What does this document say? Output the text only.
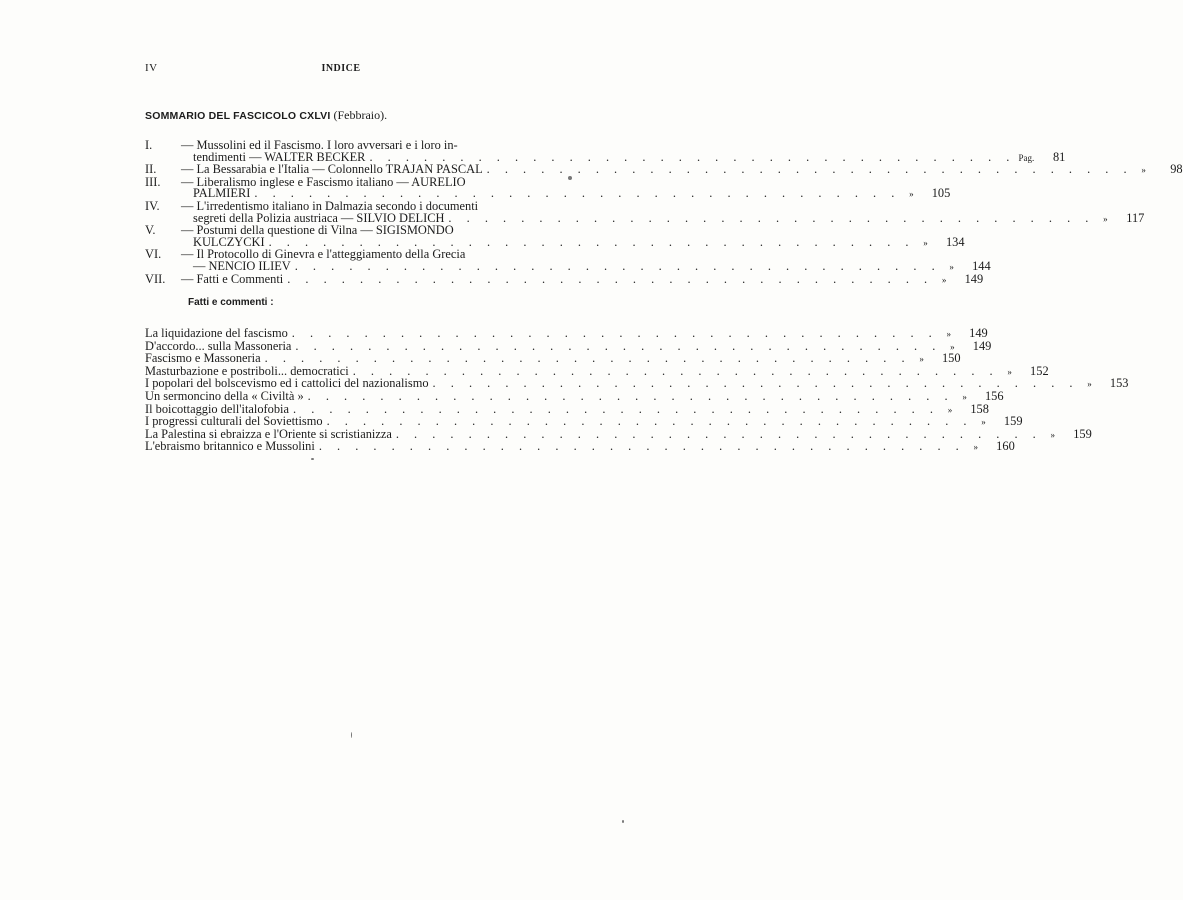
IV	INDICE
SOMMARIO DEL FASCICOLO CXLVI (Febbraio).
I.	— Mussolini ed il Fascismo. I loro avversari e i loro in-
tendimenti — WALTER BECKER . . . . . . . . . . . . . . . . . . . . . . . . . . . . . . . . . . . . Pag.	81
II.	— La Bessarabia e l'Italia — Colonnello TRAJAN PASCAL . . . . . . . . . . . . . . . . . . . . . . . . . . . . . . . . . . . . »	98
III.	— Liberalismo inglese e Fascismo italiano — AURELIO
PALMIERI . . . . . . . . . . . . . . . . . . . . . . . . . . . . . . . . . . . . »	105
IV.	— L'irredentismo italiano in Dalmazia secondo i documenti
segreti della Polizia austriaca — SILVIO DELICH . . . . . . . . . . . . . . . . . . . . . . . . . . . . . . . . . . . . »	117
V.	— Postumi della questione di Vilna — SIGISMONDO
KULCZYCKI . . . . . . . . . . . . . . . . . . . . . . . . . . . . . . . . . . . . »	134
VI.	— Il Protocollo di Ginevra e l'atteggiamento della Grecia
— NENCIO ILIEV . . . . . . . . . . . . . . . . . . . . . . . . . . . . . . . . . . . . »	144
VII.	— Fatti e Commenti . . . . . . . . . . . . . . . . . . . . . . . . . . . . . . . . . . . . »	149
Fatti e commenti :
La liquidazione del fascismo . . . . . . . . . . . . . . . . . . . . . . . . . . . . . . . . . . . . »	149
D'accordo... sulla Massoneria . . . . . . . . . . . . . . . . . . . . . . . . . . . . . . . . . . . . »	149
Fascismo e Massoneria . . . . . . . . . . . . . . . . . . . . . . . . . . . . . . . . . . . . »	150
Masturbazione e postriboli... democratici . . . . . . . . . . . . . . . . . . . . . . . . . . . . . . . . . . . . »	152
I popolari del bolscevismo ed i cattolici del nazionalismo . . . . . . . . . . . . . . . . . . . . . . . . . . . . . . . . . . . . »	153
Un sermoncino della « Civiltà » . . . . . . . . . . . . . . . . . . . . . . . . . . . . . . . . . . . . »	156
Il boicottaggio dell'italofobia . . . . . . . . . . . . . . . . . . . . . . . . . . . . . . . . . . . . »	158
I progressi culturali del Soviettismo . . . . . . . . . . . . . . . . . . . . . . . . . . . . . . . . . . . . »	159
La Palestina si ebraizza e l'Oriente si scristianizza . . . . . . . . . . . . . . . . . . . . . . . . . . . . . . . . . . . . »	159
L'ebraismo britannico e Mussolini . . . . . . . . . . . . . . . . . . . . . . . . . . . . . . . . . . . . »	160
